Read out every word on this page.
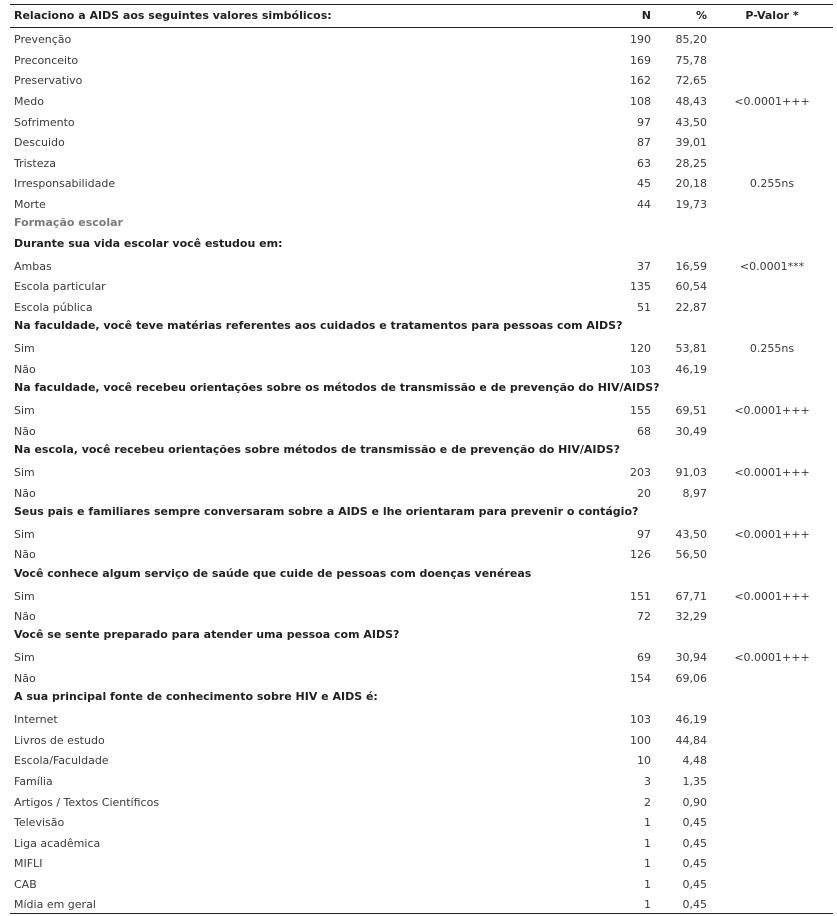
Relaciono a AIDS aos seguintes valores simbólicos:	N	%	P-Valor *
Prevenção	190	85,20	
Preconceito	169	75,78	
Preservativo	162	72,65	
Medo	108	48,43	<0.0001+++
Sofrimento	97	43,50	
Descuido	87	39,01	
Tristeza	63	28,25	
Irresponsabilidade	45	20,18	0.255ns
Morte	44	19,73	
Formação escolar			
Durante sua vida escolar você estudou em:			
Ambas	37	16,59	<0.0001***
Escola particular	135	60,54	
Escola pública	51	22,87	
Na faculdade, você teve matérias referentes aos cuidados e tratamentos para pessoas com AIDS?			
Sim	120	53,81	0.255ns
Não	103	46,19	
Na faculdade, você recebeu orientações sobre os métodos de transmissão e de prevenção do HIV/AIDS?			
Sim	155	69,51	<0.0001+++
Não	68	30,49	
Na escola, você recebeu orientações sobre métodos de transmissão e de prevenção do HIV/AIDS?			
Sim	203	91,03	<0.0001+++
Não	20	8,97	
Seus pais e familiares sempre conversaram sobre a AIDS e lhe orientaram para prevenir o contágio?			
Sim	97	43,50	<0.0001+++
Não	126	56,50	
Você conhece algum serviço de saúde que cuide de pessoas com doenças venéreas			
Sim	151	67,71	<0.0001+++
Não	72	32,29	
Você se sente preparado para atender uma pessoa com AIDS?			
Sim	69	30,94	<0.0001+++
Não	154	69,06	
A sua principal fonte de conhecimento sobre HIV e AIDS é:			
Internet	103	46,19	
Livros de estudo	100	44,84	
Escola/Faculdade	10	4,48	
Família	3	1,35	
Artigos / Textos Científicos	2	0,90	
Televisão	1	0,45	
Liga acadêmica	1	0,45	
MIFLI	1	0,45	
CAB	1	0,45	
Mídia em geral	1	0,45	
